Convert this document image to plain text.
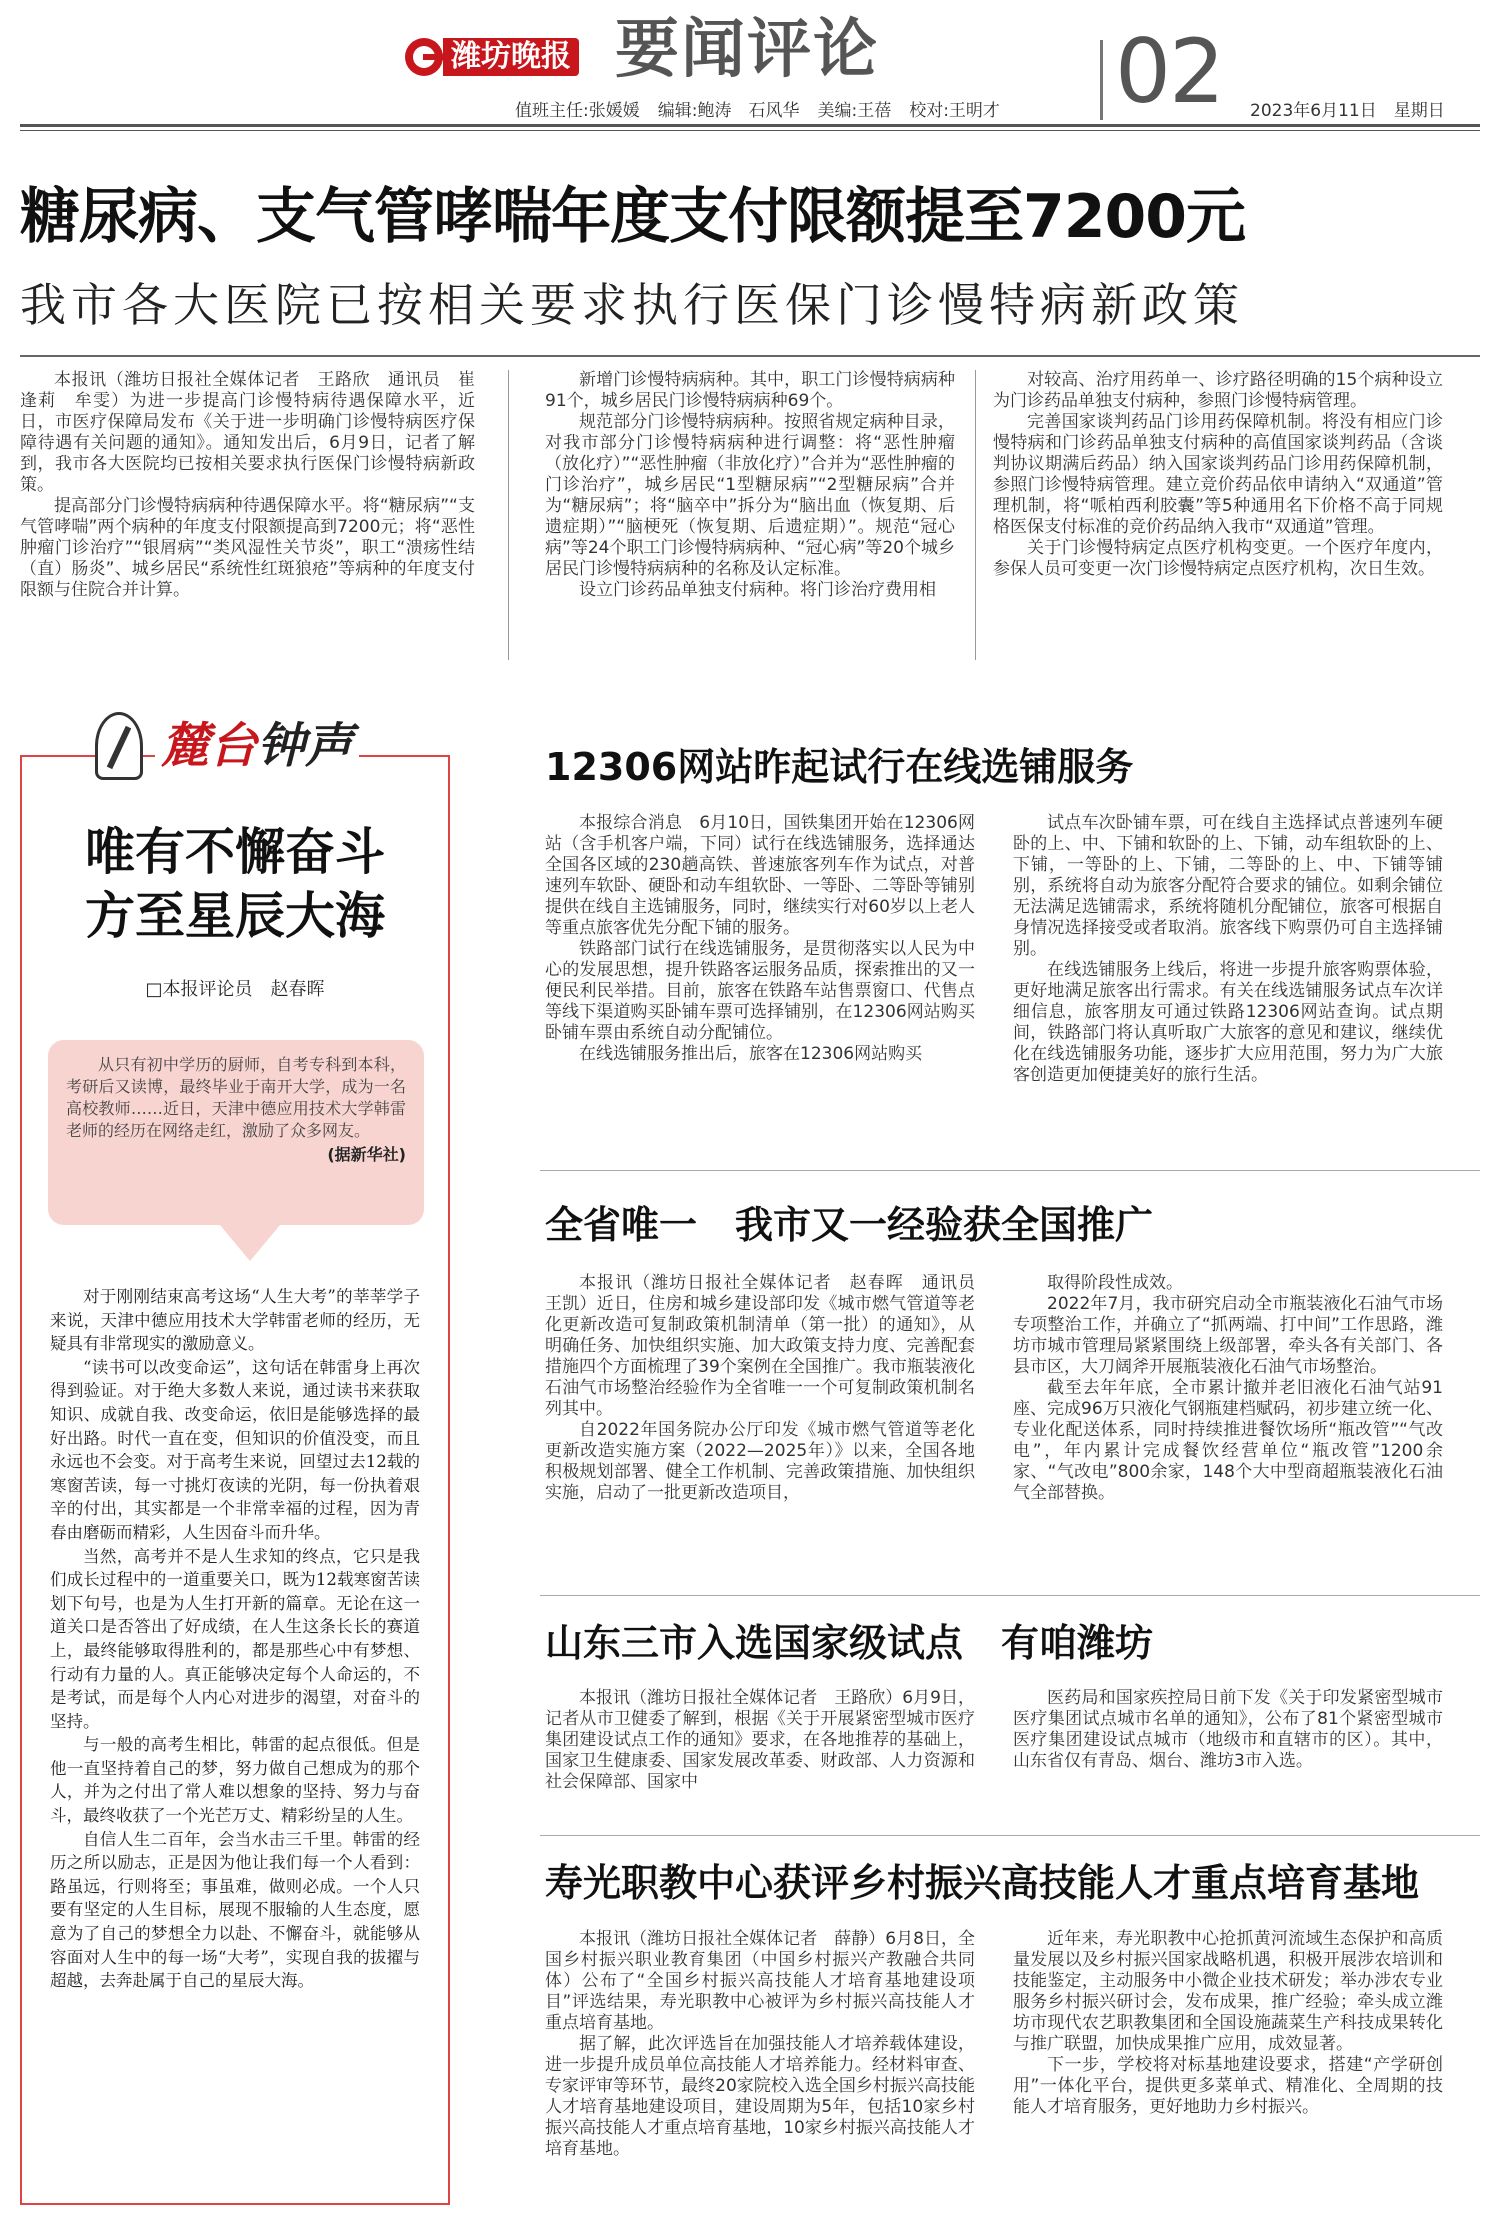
潍坊晚报 要闻评论	02
值班主任:张媛媛 编辑:鲍涛　石风华 美编:王蓓 校对:王明才	2023年6月11日　星期日
糖尿病、支气管哮喘年度支付限额提至7200元
我市各大医院已按相关要求执行医保门诊慢特病新政策

本报讯（潍坊日报社全媒体记者　王路欣　通讯员　崔逢莉　牟雯）为进一步提高门诊慢特病待遇保障水平，近日，市医疗保障局发布《关于进一步明确门诊慢特病医疗保障待遇有关问题的通知》。通知发出后，6月9日，记者了解到，我市各大医院均已按相关要求执行医保门诊慢特病新政策。

提高部分门诊慢特病病种待遇保障水平。将“糖尿病”“支气管哮喘”两个病种的年度支付限额提高到7200元；将“恶性肿瘤门诊治疗”“银屑病”“类风湿性关节炎”，职工“溃疡性结（直）肠炎”、城乡居民“系统性红斑狼疮”等病种的年度支付限额与住院合并计算。

新增门诊慢特病病种。其中，职工门诊慢特病病种91个，城乡居民门诊慢特病病种69个。

规范部分门诊慢特病病种。按照省规定病种目录，对我市部分门诊慢特病病种进行调整：将“恶性肿瘤（放化疗）”“恶性肿瘤（非放化疗）”合并为“恶性肿瘤的门诊治疗”，城乡居民“1型糖尿病”“2型糖尿病”合并为“糖尿病”；将“脑卒中”拆分为“脑出血（恢复期、后遗症期）”“脑梗死（恢复期、后遗症期）”。规范“冠心病”等24个职工门诊慢特病病种、“冠心病”等20个城乡居民门诊慢特病病种的名称及认定标准。

设立门诊药品单独支付病种。将门诊治疗费用相

对较高、治疗用药单一、诊疗路径明确的15个病种设立为门诊药品单独支付病种，参照门诊慢特病管理。

完善国家谈判药品门诊用药保障机制。将没有相应门诊慢特病和门诊药品单独支付病种的高值国家谈判药品（含谈判协议期满后药品）纳入国家谈判药品门诊用药保障机制，参照门诊慢特病管理。建立竞价药品依申请纳入“双通道”管理机制，将“哌柏西利胶囊”等5种通用名下价格不高于同规格医保支付标准的竞价药品纳入我市“双通道”管理。

关于门诊慢特病定点医疗机构变更。一个医疗年度内，参保人员可变更一次门诊慢特病定点医疗机构，次日生效。

麓台钟声
唯有不懈奋斗
方至星辰大海
□本报评论员　赵春晖

从只有初中学历的厨师，自考专科到本科，考研后又读博，最终毕业于南开大学，成为一名高校教师……近日，天津中德应用技术大学韩雷老师的经历在网络走红，激励了众多网友。

(据新华社)

对于刚刚结束高考这场“人生大考”的莘莘学子来说，天津中德应用技术大学韩雷老师的经历，无疑具有非常现实的激励意义。

“读书可以改变命运”，这句话在韩雷身上再次得到验证。对于绝大多数人来说，通过读书来获取知识、成就自我、改变命运，依旧是能够选择的最好出路。时代一直在变，但知识的价值没变，而且永远也不会变。对于高考生来说，回望过去12载的寒窗苦读，每一寸挑灯夜读的光阴，每一份执着艰辛的付出，其实都是一个非常幸福的过程，因为青春由磨砺而精彩，人生因奋斗而升华。

当然，高考并不是人生求知的终点，它只是我们成长过程中的一道重要关口，既为12载寒窗苦读划下句号，也是为人生打开新的篇章。无论在这一道关口是否答出了好成绩，在人生这条长长的赛道上，最终能够取得胜利的，都是那些心中有梦想、行动有力量的人。真正能够决定每个人命运的，不是考试，而是每个人内心对进步的渴望，对奋斗的坚持。

与一般的高考生相比，韩雷的起点很低。但是他一直坚持着自己的梦，努力做自己想成为的那个人，并为之付出了常人难以想象的坚持、努力与奋斗，最终收获了一个光芒万丈、精彩纷呈的人生。

自信人生二百年，会当水击三千里。韩雷的经历之所以励志，正是因为他让我们每一个人看到：路虽远，行则将至；事虽难，做则必成。一个人只要有坚定的人生目标，展现不服输的人生态度，愿意为了自己的梦想全力以赴、不懈奋斗，就能够从容面对人生中的每一场“大考”，实现自我的拔擢与超越，去奔赴属于自己的星辰大海。

12306网站昨起试行在线选铺服务

本报综合消息　6月10日，国铁集团开始在12306网站（含手机客户端，下同）试行在线选铺服务，选择通达全国各区域的230趟高铁、普速旅客列车作为试点，对普速列车软卧、硬卧和动车组软卧、一等卧、二等卧等铺别提供在线自主选铺服务，同时，继续实行对60岁以上老人等重点旅客优先分配下铺的服务。

铁路部门试行在线选铺服务，是贯彻落实以人民为中心的发展思想，提升铁路客运服务品质，探索推出的又一便民利民举措。目前，旅客在铁路车站售票窗口、代售点等线下渠道购买卧铺车票可选择铺别，在12306网站购买卧铺车票由系统自动分配铺位。

在线选铺服务推出后，旅客在12306网站购买

试点车次卧铺车票，可在线自主选择试点普速列车硬卧的上、中、下铺和软卧的上、下铺，动车组软卧的上、下铺，一等卧的上、下铺，二等卧的上、中、下铺等铺别，系统将自动为旅客分配符合要求的铺位。如剩余铺位无法满足选铺需求，系统将随机分配铺位，旅客可根据自身情况选择接受或者取消。旅客线下购票仍可自主选择铺别。

在线选铺服务上线后，将进一步提升旅客购票体验，更好地满足旅客出行需求。有关在线选铺服务试点车次详细信息，旅客朋友可通过铁路12306网站查询。试点期间，铁路部门将认真听取广大旅客的意见和建议，继续优化在线选铺服务功能，逐步扩大应用范围，努力为广大旅客创造更加便捷美好的旅行生活。

全省唯一　我市又一经验获全国推广

本报讯（潍坊日报社全媒体记者　赵春晖　通讯员　王凯）近日，住房和城乡建设部印发《城市燃气管道等老化更新改造可复制政策机制清单（第一批）的通知》，从明确任务、加快组织实施、加大政策支持力度、完善配套措施四个方面梳理了39个案例在全国推广。我市瓶装液化石油气市场整治经验作为全省唯一一个可复制政策机制名列其中。

自2022年国务院办公厅印发《城市燃气管道等老化更新改造实施方案（2022—2025年）》以来，全国各地积极规划部署、健全工作机制、完善政策措施、加快组织实施，启动了一批更新改造项目，

取得阶段性成效。

2022年7月，我市研究启动全市瓶装液化石油气市场专项整治工作，并确立了“抓两端、打中间”工作思路，潍坊市城市管理局紧紧围绕上级部署，牵头各有关部门、各县市区，大刀阔斧开展瓶装液化石油气市场整治。

截至去年年底，全市累计撤并老旧液化石油气站91座、完成96万只液化气钢瓶建档赋码，初步建立统一化、专业化配送体系，同时持续推进餐饮场所“瓶改管”“气改电”，年内累计完成餐饮经营单位“瓶改管”1200余家、“气改电”800余家，148个大中型商超瓶装液化石油气全部替换。

山东三市入选国家级试点　有咱潍坊

本报讯（潍坊日报社全媒体记者　王路欣）6月9日，记者从市卫健委了解到，根据《关于开展紧密型城市医疗集团建设试点工作的通知》要求，在各地推荐的基础上，国家卫生健康委、国家发展改革委、财政部、人力资源和社会保障部、国家中

医药局和国家疾控局日前下发《关于印发紧密型城市医疗集团试点城市名单的通知》，公布了81个紧密型城市医疗集团建设试点城市（地级市和直辖市的区）。其中，山东省仅有青岛、烟台、潍坊3市入选。

寿光职教中心获评乡村振兴高技能人才重点培育基地

本报讯（潍坊日报社全媒体记者　薛静）6月8日，全国乡村振兴职业教育集团（中国乡村振兴产教融合共同体）公布了“全国乡村振兴高技能人才培育基地建设项目”评选结果，寿光职教中心被评为乡村振兴高技能人才重点培育基地。

据了解，此次评选旨在加强技能人才培养载体建设，进一步提升成员单位高技能人才培养能力。经材料审查、专家评审等环节，最终20家院校入选全国乡村振兴高技能人才培育基地建设项目，建设周期为5年，包括10家乡村振兴高技能人才重点培育基地，10家乡村振兴高技能人才培育基地。

近年来，寿光职教中心抢抓黄河流域生态保护和高质量发展以及乡村振兴国家战略机遇，积极开展涉农培训和技能鉴定，主动服务中小微企业技术研发；举办涉农专业服务乡村振兴研讨会，发布成果，推广经验；牵头成立潍坊市现代农艺职教集团和全国设施蔬菜生产科技成果转化与推广联盟，加快成果推广应用，成效显著。

下一步，学校将对标基地建设要求，搭建“产学研创用”一体化平台，提供更多菜单式、精准化、全周期的技能人才培育服务，更好地助力乡村振兴。
